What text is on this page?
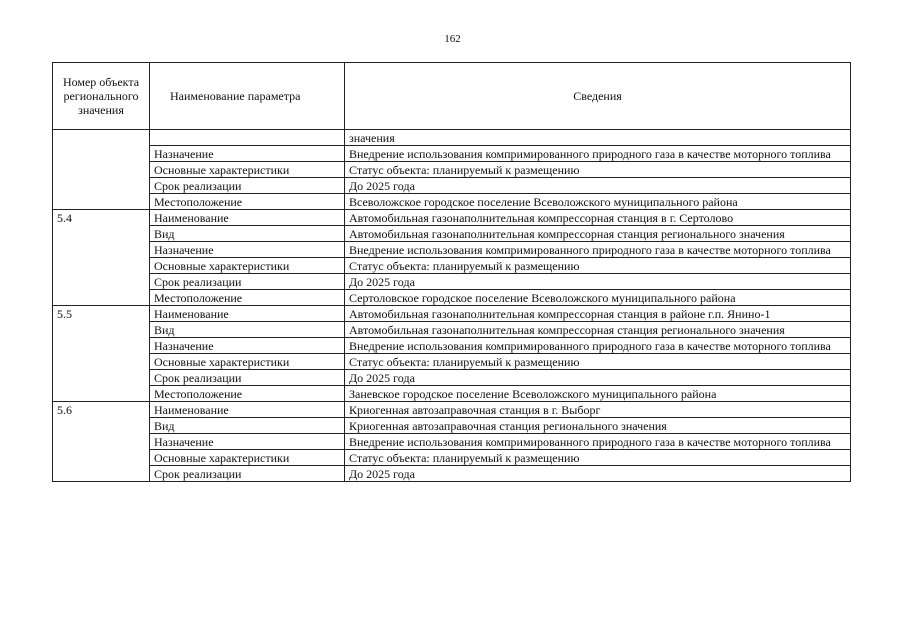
162
Номер объекта регионального значения	Наименование параметра	Сведения
		значения
	Назначение	Внедрение использования компримированного природного газа в качестве моторного топлива
	Основные характеристики	Статус объекта: планируемый к размещению
	Срок реализации	До 2025 года
	Местоположение	Всеволожское городское поселение Всеволожского муниципального района
5.4	Наименование	Автомобильная газонаполнительная компрессорная станция в г. Сертолово
	Вид	Автомобильная газонаполнительная компрессорная станция регионального значения
	Назначение	Внедрение использования компримированного природного газа в качестве моторного топлива
	Основные характеристики	Статус объекта: планируемый к размещению
	Срок реализации	До 2025 года
	Местоположение	Сертоловское городское поселение Всеволожского муниципального района
5.5	Наименование	Автомобильная газонаполнительная компрессорная станция в районе г.п. Янино-1
	Вид	Автомобильная газонаполнительная компрессорная станция регионального значения
	Назначение	Внедрение использования компримированного природного газа в качестве моторного топлива
	Основные характеристики	Статус объекта: планируемый к размещению
	Срок реализации	До 2025 года
	Местоположение	Заневское городское поселение Всеволожского муниципального района
5.6	Наименование	Криогенная автозаправочная станция в г. Выборг
	Вид	Криогенная автозаправочная станция регионального значения
	Назначение	Внедрение использования компримированного природного газа в качестве моторного топлива
	Основные характеристики	Статус объекта: планируемый к размещению
	Срок реализации	До 2025 года
